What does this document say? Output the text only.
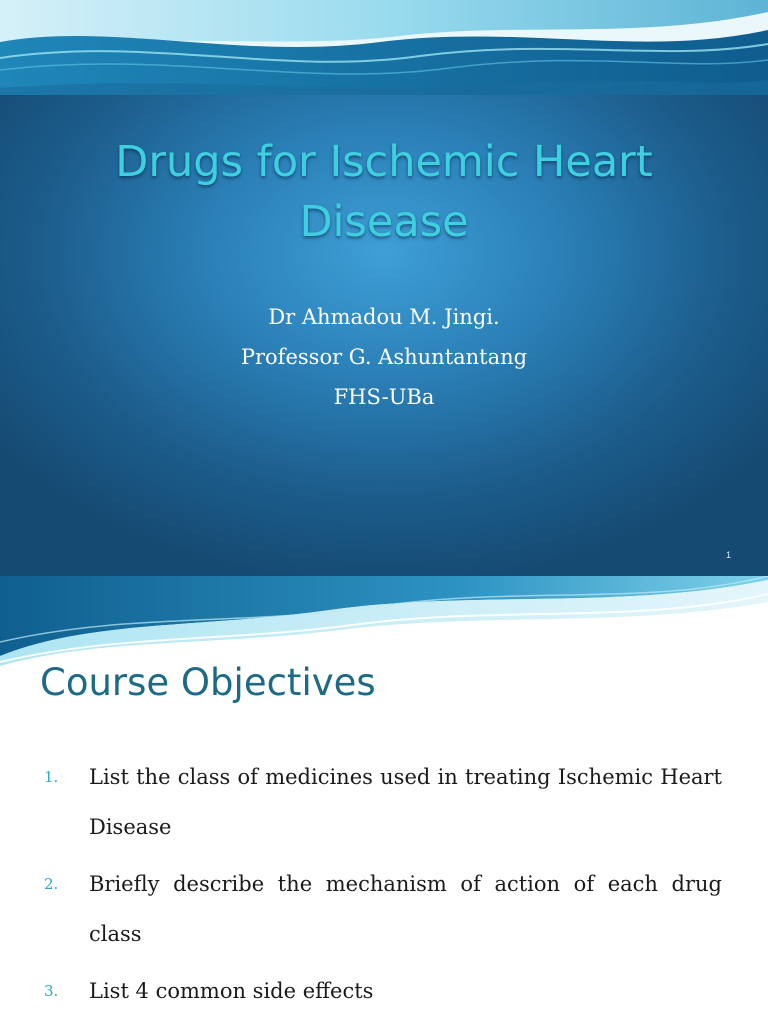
Drugs for Ischemic Heart Disease
Dr Ahmadou M. Jingi.
Professor G. Ashuntantang
FHS-UBa
1
Course Objectives
1. List the class of medicines used in treating Ischemic Heart Disease
2. Briefly describe the mechanism of action of each drug class
3. List 4 common side effects
